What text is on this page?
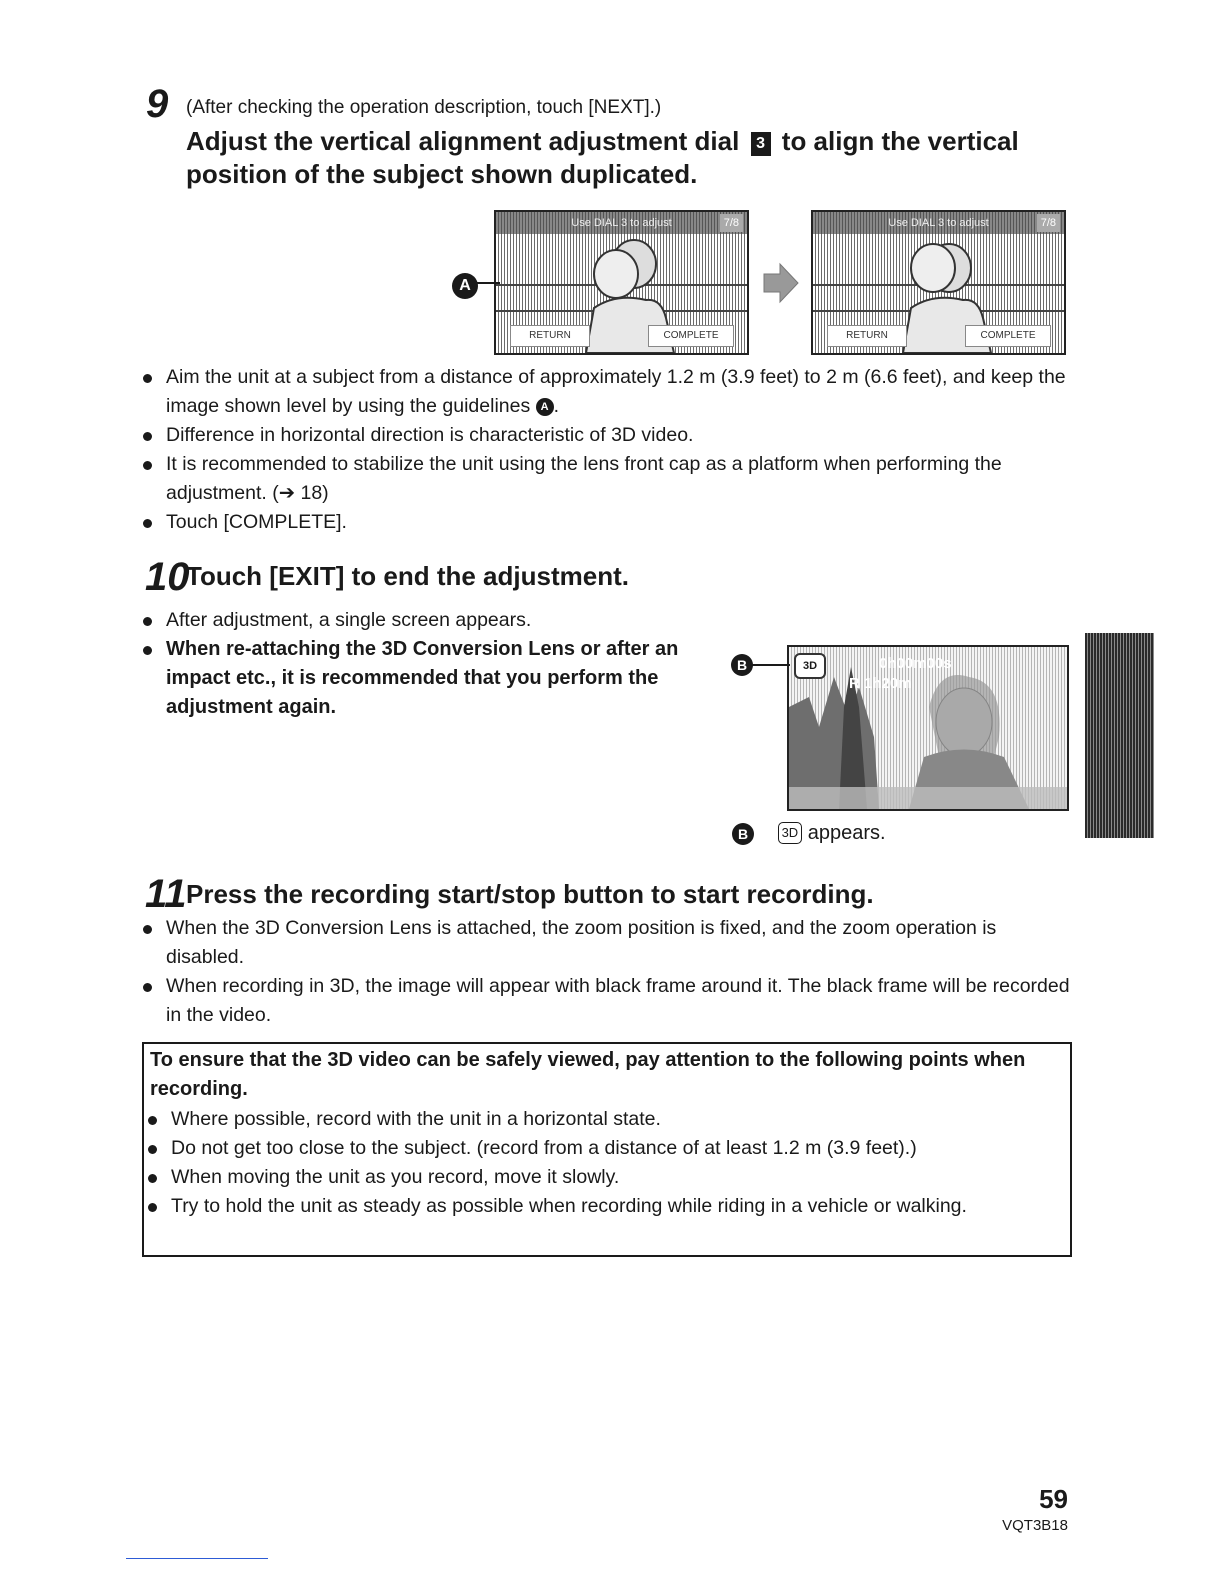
9 (After checking the operation description, touch [NEXT].)
Adjust the vertical alignment adjustment dial 3 to align the vertical position of the subject shown duplicated.
Use DIAL 3 to adjust	7/8
RETURN	COMPLETE
A
Use DIAL 3 to adjust	7/8
RETURN	COMPLETE
Aim the unit at a subject from a distance of approximately 1.2 m (3.9 feet) to 2 m (6.6 feet), and keep the image shown level by using the guidelines A .
Difference in horizontal direction is characteristic of 3D video.
It is recommended to stabilize the unit using the lens front cap as a platform when performing the adjustment. (➔ 18)
Touch [COMPLETE].
10
Touch [EXIT] to end the adjustment.
After adjustment, a single screen appears.
When re-attaching the 3D Conversion Lens or after an impact etc., it is recommended that you perform the adjustment again.
3D	0h00m00s
R 1h20m
B
B	3D appears.
11 Press the recording start/stop button to start recording.
When the 3D Conversion Lens is attached, the zoom position is fixed, and the zoom operation is disabled.
When recording in 3D, the image will appear with black frame around it. The black frame will be recorded in the video.
To ensure that the 3D video can be safely viewed, pay attention to the following points when recording.
Where possible, record with the unit in a horizontal state.
Do not get too close to the subject. (record from a distance of at least 1.2 m (3.9 feet).)
When moving the unit as you record, move it slowly.
Try to hold the unit as steady as possible when recording while riding in a vehicle or walking.
59
VQT3B18
